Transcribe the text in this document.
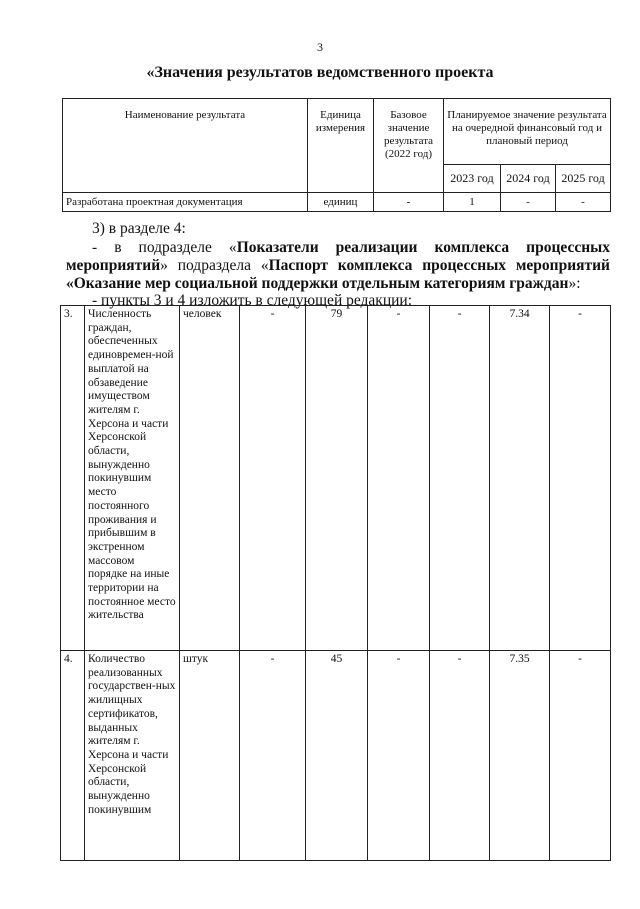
3
«Значения результатов ведомственного проекта
Наименование результата	Единица измерения	Базовое значение результата (2022 год)	Планируемое значение результата на очередной финансовый год и плановый период		
			2023 год	2024 год	2025 год
Разработана проектная документация	единиц	-	1	-	-
3) в разделе 4:
- в подразделе «Показатели реализации комплекса процессных
мероприятий» подраздела «Паспорт комплекса процессных мероприятий
«Оказание мер социальной поддержки отдельным категориям граждан»:
- пункты 3 и 4 изложить в следующей редакции:
3.	Численность граждан, обеспеченных единовремен-ной выплатой на обзаведение имуществом жителям г. Херсона и части Херсонской области, вынужденно покинувшим место постоянного проживания и прибывшим в экстренном массовом порядке на иные территории на постоянное место жительства	человек	-	79	-	-	7.34	-
4.	Количество реализованных государствен-ных жилищных сертификатов, выданных жителям г. Херсона и части Херсонской области, вынужденно покинувшим	штук	-	45	-	-	7.35	-
